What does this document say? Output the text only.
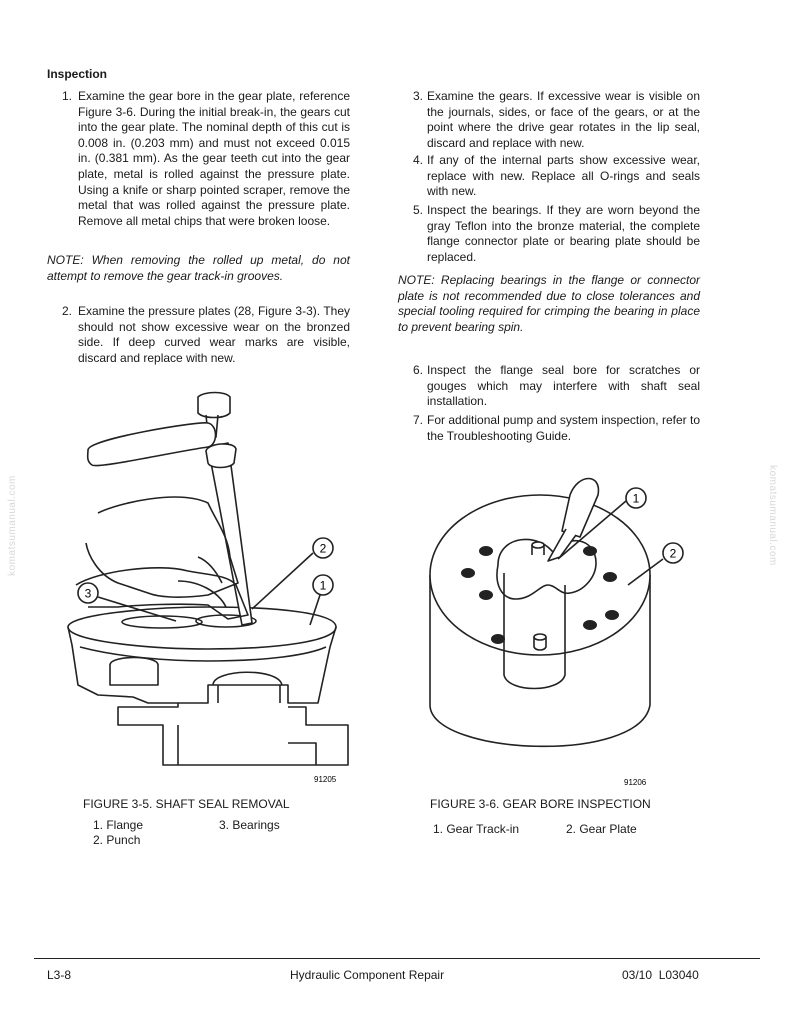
Inspection
1. Examine the gear bore in the gear plate, reference Figure 3-6. During the initial break-in, the gears cut into the gear plate. The nominal depth of this cut is 0.008 in. (0.203 mm) and must not exceed 0.015 in. (0.381 mm). As the gear teeth cut into the gear plate, metal is rolled against the pressure plate. Using a knife or sharp pointed scraper, remove the metal that was rolled against the pressure plate. Remove all metal chips that were broken loose.
NOTE: When removing the rolled up metal, do not attempt to remove the gear track-in grooves.
2. Examine the pressure plates (28, Figure 3-3). They should not show excessive wear on the bronzed side. If deep curved wear marks are visible, discard and replace with new.
3. Examine the gears. If excessive wear is visible on the journals, sides, or face of the gears, or at the point where the drive gear rotates in the lip seal, discard and replace with new.
4. If any of the internal parts show excessive wear, replace with new. Replace all O-rings and seals with new.
5. Inspect the bearings. If they are worn beyond the gray Teflon into the bronze material, the complete flange connector plate or bearing plate should be replaced.
NOTE: Replacing bearings in the flange or connector plate is not recommended due to close tolerances and special tooling required for crimping the bearing in place to prevent bearing spin.
6. Inspect the flange seal bore for scratches or gouges which may interfere with shaft seal installation.
7. For additional pump and system inspection, refer to the Troubleshooting Guide.
komatsumanual.com	komatsumanual.com
2
1
3
91205
1
2
91206
FIGURE 3-5. SHAFT SEAL REMOVAL	FIGURE 3-6. GEAR BORE INSPECTION
1. Flange
2. Punch
3. Bearings	1. Gear Track-in	2. Gear Plate
L3-8	Hydraulic Component Repair	03/10  L03040
